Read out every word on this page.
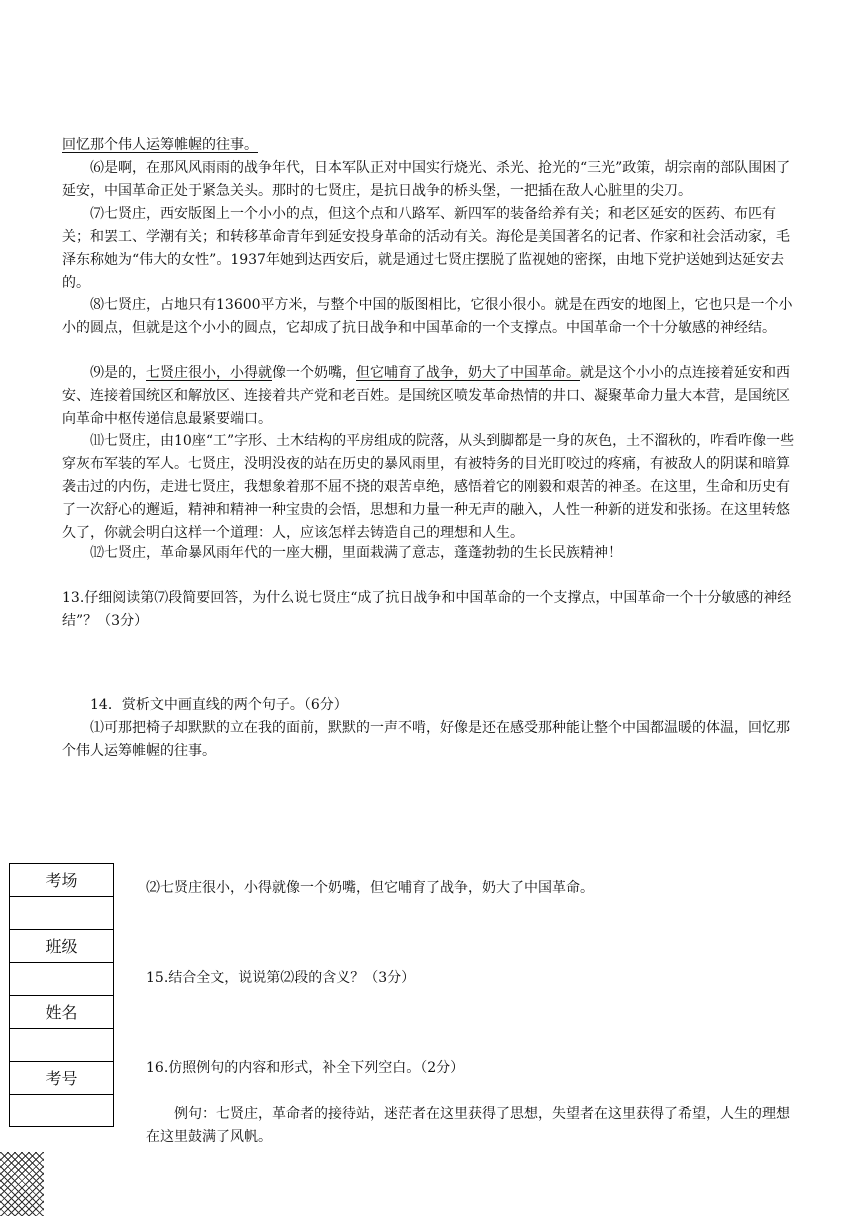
回忆那个伟人运筹帷幄的往事。

⑹是啊，在那风风雨雨的战争年代，日本军队正对中国实行烧光、杀光、抢光的“三光”政策，胡宗南的部队围困了延安，中国革命正处于紧急关头。那时的七贤庄，是抗日战争的桥头堡，一把插在敌人心脏里的尖刀。

⑺七贤庄，西安版图上一个小小的点，但这个点和八路军、新四军的装备给养有关；和老区延安的医药、布匹有关；和罢工、学潮有关；和转移革命青年到延安投身革命的活动有关。海伦是美国著名的记者、作家和社会活动家，毛泽东称她为“伟大的女性”。1937年她到达西安后，就是通过七贤庄摆脱了监视她的密探，由地下党护送她到达延安去的。

⑻七贤庄，占地只有13600平方米，与整个中国的版图相比，它很小很小。就是在西安的地图上，它也只是一个小小的圆点，但就是这个小小的圆点，它却成了抗日战争和中国革命的一个支撑点。中国革命一个十分敏感的神经结。

⑼是的，七贤庄很小，小得就像一个奶嘴，但它哺育了战争，奶大了中国革命。就是这个小小的点连接着延安和西安、连接着国统区和解放区、连接着共产党和老百姓。是国统区喷发革命热情的井口、凝聚革命力量大本营，是国统区向革命中枢传递信息最紧要端口。

⑾七贤庄，由10座“工”字形、土木结构的平房组成的院落，从头到脚都是一身的灰色，土不溜秋的，咋看咋像一些穿灰布军装的军人。七贤庄，没明没夜的站在历史的暴风雨里，有被特务的目光盯咬过的疼痛，有被敌人的阴谋和暗算袭击过的内伤，走进七贤庄，我想象着那不屈不挠的艰苦卓绝，感悟着它的刚毅和艰苦的神圣。在这里，生命和历史有了一次舒心的邂逅，精神和精神一种宝贵的会悟，思想和力量一种无声的融入，人性一种新的迸发和张扬。在这里转悠久了，你就会明白这样一个道理：人，应该怎样去铸造自己的理想和人生。

⑿七贤庄，革命暴风雨年代的一座大棚，里面栽满了意志，蓬蓬勃勃的生长民族精神！

13.仔细阅读第⑺段简要回答，为什么说七贤庄“成了抗日战争和中国革命的一个支撑点，中国革命一个十分敏感的神经结”？（3分）

14．赏析文中画直线的两个句子。（6分）

⑴可那把椅子却默默的立在我的面前，默默的一声不啃，好像是还在感受那种能让整个中国都温暖的体温，回忆那个伟人运筹帷幄的往事。

⑵七贤庄很小，小得就像一个奶嘴，但它哺育了战争，奶大了中国革命。

15.结合全文，说说第⑵段的含义？（3分）

16.仿照例句的内容和形式，补全下列空白。（2分）

例句：七贤庄，革命者的接待站，迷茫者在这里获得了思想，失望者在这里获得了希望，人生的理想在这里鼓满了风帆。

考场
班级
姓名
考号
